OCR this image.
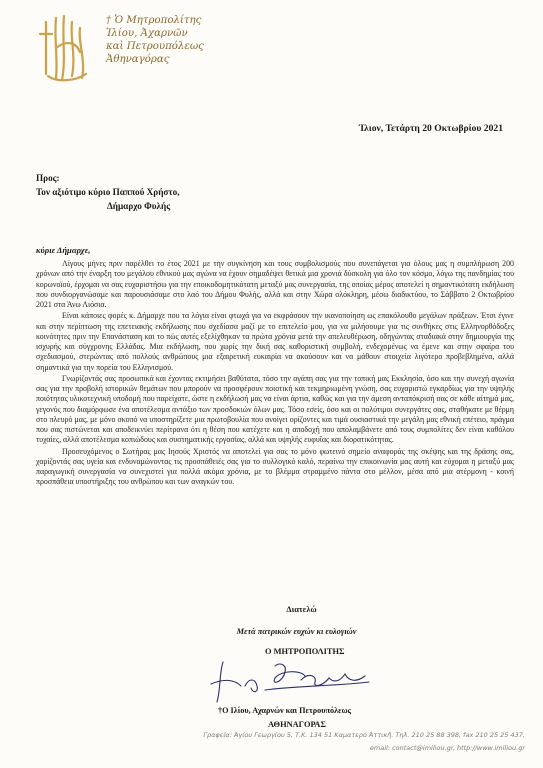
† Ὁ Μητροπολίτης
Ἰλίου, Ἀχαρνῶν
καὶ Πετρουπόλεως
Ἀθηναγόρας
Ίλιον, Τετάρτη 20 Οκτωβρίου 2021
Προς:
Τον αξιότιμο κύριο Παππού Χρήστο,
Δήμαρχο Φυλής
κύριε Δήμαρχε,

Λίγους μήνες πριν παρέλθει το έτος 2021 με την συγκίνηση και τους συμβολισμούς που συνεπάγεται για όλους μας η συμπλήρωση 200 χρόνων από την έναρξη του μεγάλου εθνικού μας αγώνα να έχουν σημαδέψει θετικά μια χρονιά δύσκολη για όλο τον κόσμο, λόγω της πανδημίας του κορωνοϊού, έρχομαι να σας ευχαριστήσω για την εποικοδομητικότατη μεταξύ μας συνεργασία, της οποίας μέρος αποτελεί η σημαντικότατη εκδήλωση που συνδιοργανώσαμε και παρουσιάσαμε στο λαό του Δήμου Φυλής, αλλά και στην Χώρα ολόκληρη, μέσω διαδικτύου, το Σάββατο 2 Οκτωβρίου 2021 στα Άνω Λιόσια.

Είναι κάποιες φορές κ. Δήμαρχε που τα λόγια είναι φτωχά για να εκφράσουν την ικανοποίηση ως επακόλουθο μεγάλων πράξεων. Έτσι έγινε και στην περίπτωση της επετειακής εκδήλωσης που σχεδίασα μαζί με το επιτελείο μου, για να μιλήσουμε για τις συνθήκες στις Ελληνορθόδοξες κοινότητες πριν την Επανάσταση και το πώς αυτές εξελίχθηκαν τα πρώτα χρόνια μετά την απελευθέρωση, οδηγώντας σταδιακά στην δημιουργία της ισχυρής και σύγχρονης Ελλάδας. Μια εκδήλωση, που χωρίς την δική σας καθοριστική συμβολή, ενδεχομένως να έμενε και στην σφαίρα του σχεδιασμού, στερώντας από πολλούς ανθρώπους μια εξαιρετική ευκαιρία να ακούσουν και να μάθουν στοιχεία λιγότερο προβεβλημένα, αλλά σημαντικά για την πορεία του Ελληνισμού.

Γνωρίζοντάς σας προσωπικά και έχοντας εκτιμήσει βαθύτατα, τόσο την αγάπη σας για την τοπική μας Εκκλησία, όσο και την συνεχή αγωνία σας για την προβολή ιστορικών θεμάτων που μπορούν να προσφέρουν ποιοτική και τεκμηριωμένη γνώση, σας ευχαριστώ εγκαρδίως για την υψηλής ποιότητας υλικοτεχνική υποδομή που παρείχατε, ώστε η εκδήλωσή μας να είναι άρτια, καθώς και για την άμεση ανταπόκρισή σας σε κάθε αίτημά μας, γεγονός που διαμόρφωσε ένα αποτέλεσμα αντάξιο των προσδοκιών όλων μας. Τόσο εσείς, όσο και οι πολύτιμοι συνεργάτες σας, σταθήκατε με θέρμη στο πλευρό μας, με μόνο σκοπό να υποστηρίξετε μια πρωτοβουλία που ανοίγει ορίζοντες και τιμά ουσιαστικά την μεγάλη μας εθνική επέτειο, πράγμα που σας πιστώνεται και αποδεικνύει περίτρανα ότι η θέση που κατέχετε και η αποδοχή που απολαμβάνετε από τους συμπολίτες δεν είναι καθόλου τυχαίες, αλλά αποτέλεσμα κοπιώδους και συστηματικής εργασίας, αλλά και υψηλής ευφυΐας και διορατικότητας.

Προσευχόμενος ο Σωτήρας μας Ιησούς Χριστός να αποτελεί για σας το μόνο φωτεινό σημείο αναφοράς της σκέψης και της δράσης σας, χαρίζοντάς σας υγεία και ενδυναμώνοντας τις προσπάθειές σας για το συλλογικό καλό, περαίνω την επικοινωνία μας αυτή και εύχομαι η μεταξύ μας παραγωγική συνεργασία να συνεχιστεί για πολλά ακόμα χρόνια, με το βλέμμα στραμμένο πάντα στο μέλλον, μέσα από μια ατέρμονη - κοινή προσπάθεια υποστήριξης του ανθρώπου και των αναγκών του.

Διατελώ
Μετά πατρικών ευχών κι ευλογιών
Ο ΜΗΤΡΟΠΟΛΙΤΗΣ
†Ο Ιλίου, Αχαρνών και Πετρουπόλεως
ΑΘΗΝΑΓΟΡΑΣ
Γραφεία: Άγίου Γεωργίου 5, Τ.Κ. 134 51 Καματερό Άττικῆ. Τηλ. 210 25 88 398, fax 210 25 25 437,
email: contact@imiliou.gr, http://www.imiliou.gr
